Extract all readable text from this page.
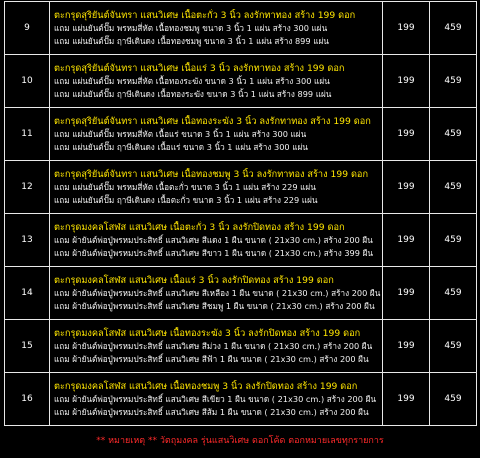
9	ตะกรุดสุริยันต์จันทรา แสนวิเศษ เนื้อตะกั่ว 3 นิ้ว ลงรักทาทอง สร้าง 199 ดอก
แถม แผ่นยันต์ปั๊ม พรหมสี่หัต เนื้อทองชมพู ขนาด 3 นิ้ว 1 แผ่น สร้าง 300 แผ่น
แถม แผ่นยันต์ปั๊ม ฤาษีเดินดง เนื้อทองชมพู ขนาด 3 นิ้ว 1 แผ่น สร้าง 899 แผ่น	199	459
10	ตะกรุดสุริยันต์จันทรา แสนวิเศษ เนื้อแร่ 3 นิ้ว ลงรักทาทอง สร้าง 199 ดอก
แถม แผ่นยันต์ปั๊ม พรหมสี่หัต เนื้อทองระฆัง ขนาด 3 นิ้ว 1 แผ่น สร้าง 300 แผ่น
แถม แผ่นยันต์ปั๊ม ฤาษีเดินดง เนื้อทองระฆัง ขนาด 3 นิ้ว 1 แผ่น สร้าง 899 แผ่น	199	459
11	ตะกรุดสุริยันต์จันทรา แสนวิเศษ เนื้อทองระฆัง 3 นิ้ว ลงรักทาทอง สร้าง 199 ดอก
แถม แผ่นยันต์ปั๊ม พรหมสี่หัต เนื้อแร่ ขนาด 3 นิ้ว 1 แผ่น สร้าง 300 แผ่น
แถม แผ่นยันต์ปั๊ม ฤาษีเดินดง เนื้อแร่ ขนาด 3 นิ้ว 1 แผ่น สร้าง 300 แผ่น	199	459
12	ตะกรุดสุริยันต์จันทรา แสนวิเศษ เนื้อทองชมพู 3 นิ้ว ลงรักทาทอง สร้าง 199 ดอก
แถม แผ่นยันต์ปั๊ม พรหมสี่หัต เนื้อตะกั่ว ขนาด 3 นิ้ว 1 แผ่น สร้าง 229 แผ่น
แถม แผ่นยันต์ปั๊ม ฤาษีเดินดง เนื้อตะกั่ว ขนาด 3 นิ้ว 1 แผ่น สร้าง 229 แผ่น	199	459
13	ตะกรุดมงคลโสฬส แสนวิเศษ เนื้อตะกั่ว 3 นิ้ว ลงรักปิดทอง สร้าง 199 ดอก
แถม ผ้ายันต์พ่อปู่พรหมประสิทธิ์ แสนวิเศษ สีแดง 1 ผืน ขนาด ( 21x30 cm.) สร้าง 200 ผืน
แถม ผ้ายันต์พ่อปู่พรหมประสิทธิ์ แสนวิเศษ สีขาว 1 ผืน ขนาด ( 21x30 cm.) สร้าง 399 ผืน	199	459
14	ตะกรุดมงคลโสฬส แสนวิเศษ เนื้อแร่ 3 นิ้ว ลงรักปิดทอง สร้าง 199 ดอก
แถม ผ้ายันต์พ่อปู่พรหมประสิทธิ์ แสนวิเศษ สีเหลือง 1 ผืน ขนาด ( 21x30 cm.) สร้าง 200 ผืน
แถม ผ้ายันต์พ่อปู่พรหมประสิทธิ์ แสนวิเศษ สีชมพู 1 ผืน ขนาด ( 21x30 cm.) สร้าง 200 ผืน	199	459
15	ตะกรุดมงคลโสฬส แสนวิเศษ เนื้อทองระฆัง 3 นิ้ว ลงรักปิดทอง สร้าง 199 ดอก
แถม ผ้ายันต์พ่อปู่พรหมประสิทธิ์ แสนวิเศษ สีม่วง 1 ผืน ขนาด ( 21x30 cm.) สร้าง 200 ผืน
แถม ผ้ายันต์พ่อปู่พรหมประสิทธิ์ แสนวิเศษ สีฟ้า 1 ผืน ขนาด ( 21x30 cm.) สร้าง 200 ผืน	199	459
16	ตะกรุดมงคลโสฬส แสนวิเศษ เนื้อทองชมพู 3 นิ้ว ลงรักปิดทอง สร้าง 199 ดอก
แถม ผ้ายันต์พ่อปู่พรหมประสิทธิ์ แสนวิเศษ สีเขียว 1 ผืน ขนาด ( 21x30 cm.) สร้าง 200 ผืน
แถม ผ้ายันต์พ่อปู่พรหมประสิทธิ์ แสนวิเศษ สีส้ม 1 ผืน ขนาด ( 21x30 cm.) สร้าง 200 ผืน	199	459
** หมายเหตุ ** วัตถุมงคล รุ่นแสนวิเศษ ดอกโค้ด ตอกหมายเลขทุกรายการ
